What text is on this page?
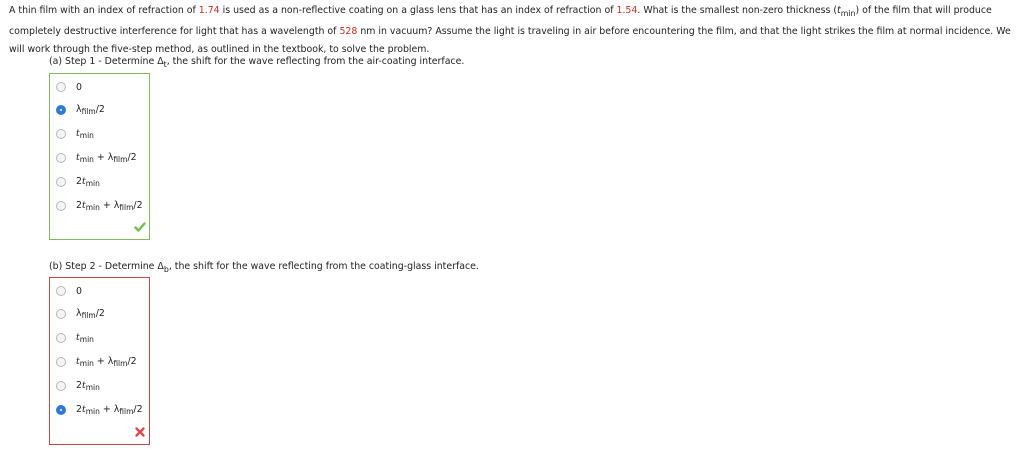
A thin film with an index of refraction of 1.74 is used as a non-reflective coating on a glass lens that has an index of refraction of 1.54. What is the smallest non-zero thickness $(t_{min})$ of the film that will produce completely destructive interference for light that has a wavelength of 528 nm in vacuum? Assume the light is traveling in air before encountering the film, and that the light strikes the film at normal incidence. We will work through the five-step method, as outlined in the textbook, to solve the problem.
(a) Step 1 - Determine $\Delta_t$, the shift for the wave reflecting from the air-coating interface.
0
$\lambda_{film}/2$
$t_{min}$
$t_{min} + \lambda_{film}/2$
$2t_{min}$
$2t_{min} + \lambda_{film}/2$
(b) Step 2 - Determine $\Delta_b$, the shift for the wave reflecting from the coating-glass interface.
0
$\lambda_{film}/2$
$t_{min}$
$t_{min} + \lambda_{film}/2$
$2t_{min}$
$2t_{min} + \lambda_{film}/2$
